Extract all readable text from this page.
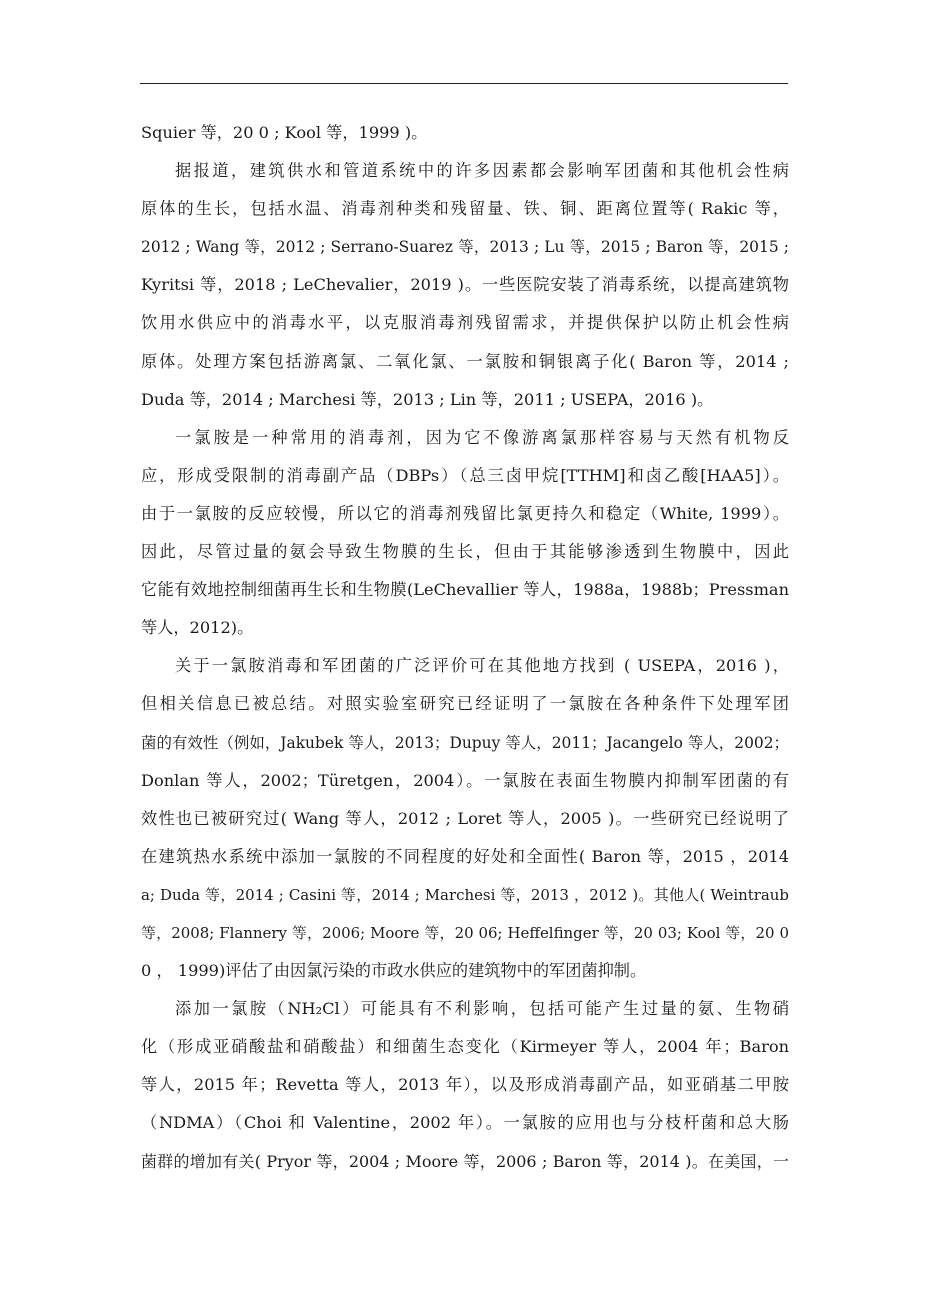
Squier 等，20 0 ; Kool 等，1999 )。
据报道，建筑供水和管道系统中的许多因素都会影响军团菌和其他机会性病
原体的生长，包括水温、消毒剂种类和残留量、铁、铜、距离位置等( Rakic 等，
2012 ; Wang 等，2012 ; Serrano-Suarez 等，2013 ; Lu 等，2015 ; Baron 等，2015 ;
Kyritsi 等，2018 ; LeChevalier，2019 )。一些医院安装了消毒系统，以提高建筑物
饮用水供应中的消毒水平，以克服消毒剂残留需求，并提供保护以防止机会性病
原体。处理方案包括游离氯、二氧化氯、一氯胺和铜银离子化( Baron 等，2014 ;
Duda 等，2014 ; Marchesi 等，2013 ; Lin 等，2011 ; USEPA，2016 )。
一氯胺是一种常用的消毒剂，因为它不像游离氯那样容易与天然有机物反
应，形成受限制的消毒副产品（DBPs）（总三卤甲烷[TTHM]和卤乙酸[HAA5]）。
由于一氯胺的反应较慢，所以它的消毒剂残留比氯更持久和稳定（White, 1999）。
因此，尽管过量的氨会导致生物膜的生长，但由于其能够渗透到生物膜中，因此
它能有效地控制细菌再生长和生物膜(LeChevallier 等人，1988a，1988b；Pressman
等人，2012)。
关于一氯胺消毒和军团菌的广泛评价可在其他地方找到 ( USEPA，2016 )，
但相关信息已被总结。对照实验室研究已经证明了一氯胺在各种条件下处理军团
菌的有效性（例如，Jakubek 等人，2013；Dupuy 等人，2011；Jacangelo 等人，2002；
Donlan 等人，2002；Türetgen，2004）。一氯胺在表面生物膜内抑制军团菌的有
效性也已被研究过( Wang 等人，2012 ; Loret 等人，2005 )。一些研究已经说明了
在建筑热水系统中添加一氯胺的不同程度的好处和全面性( Baron 等，2015 ，2014
a; Duda 等，2014 ; Casini 等，2014 ; Marchesi 等，2013 ，2012 )。其他人( Weintraub
等，2008; Flannery 等，2006; Moore 等，20 06; Heffelfinger 等，20 03; Kool 等，20 0
0 ， 1999)评估了由因氯污染的市政水供应的建筑物中的军团菌抑制。
添加一氯胺（NH₂Cl）可能具有不利影响，包括可能产生过量的氨、生物硝
化（形成亚硝酸盐和硝酸盐）和细菌生态变化（Kirmeyer 等人，2004 年；Baron
等人，2015 年；Revetta 等人，2013 年），以及形成消毒副产品，如亚硝基二甲胺
（NDMA）（Choi 和 Valentine，2002 年）。一氯胺的应用也与分枝杆菌和总大肠
菌群的增加有关( Pryor 等，2004 ; Moore 等，2006 ; Baron 等，2014 )。在美国，一
